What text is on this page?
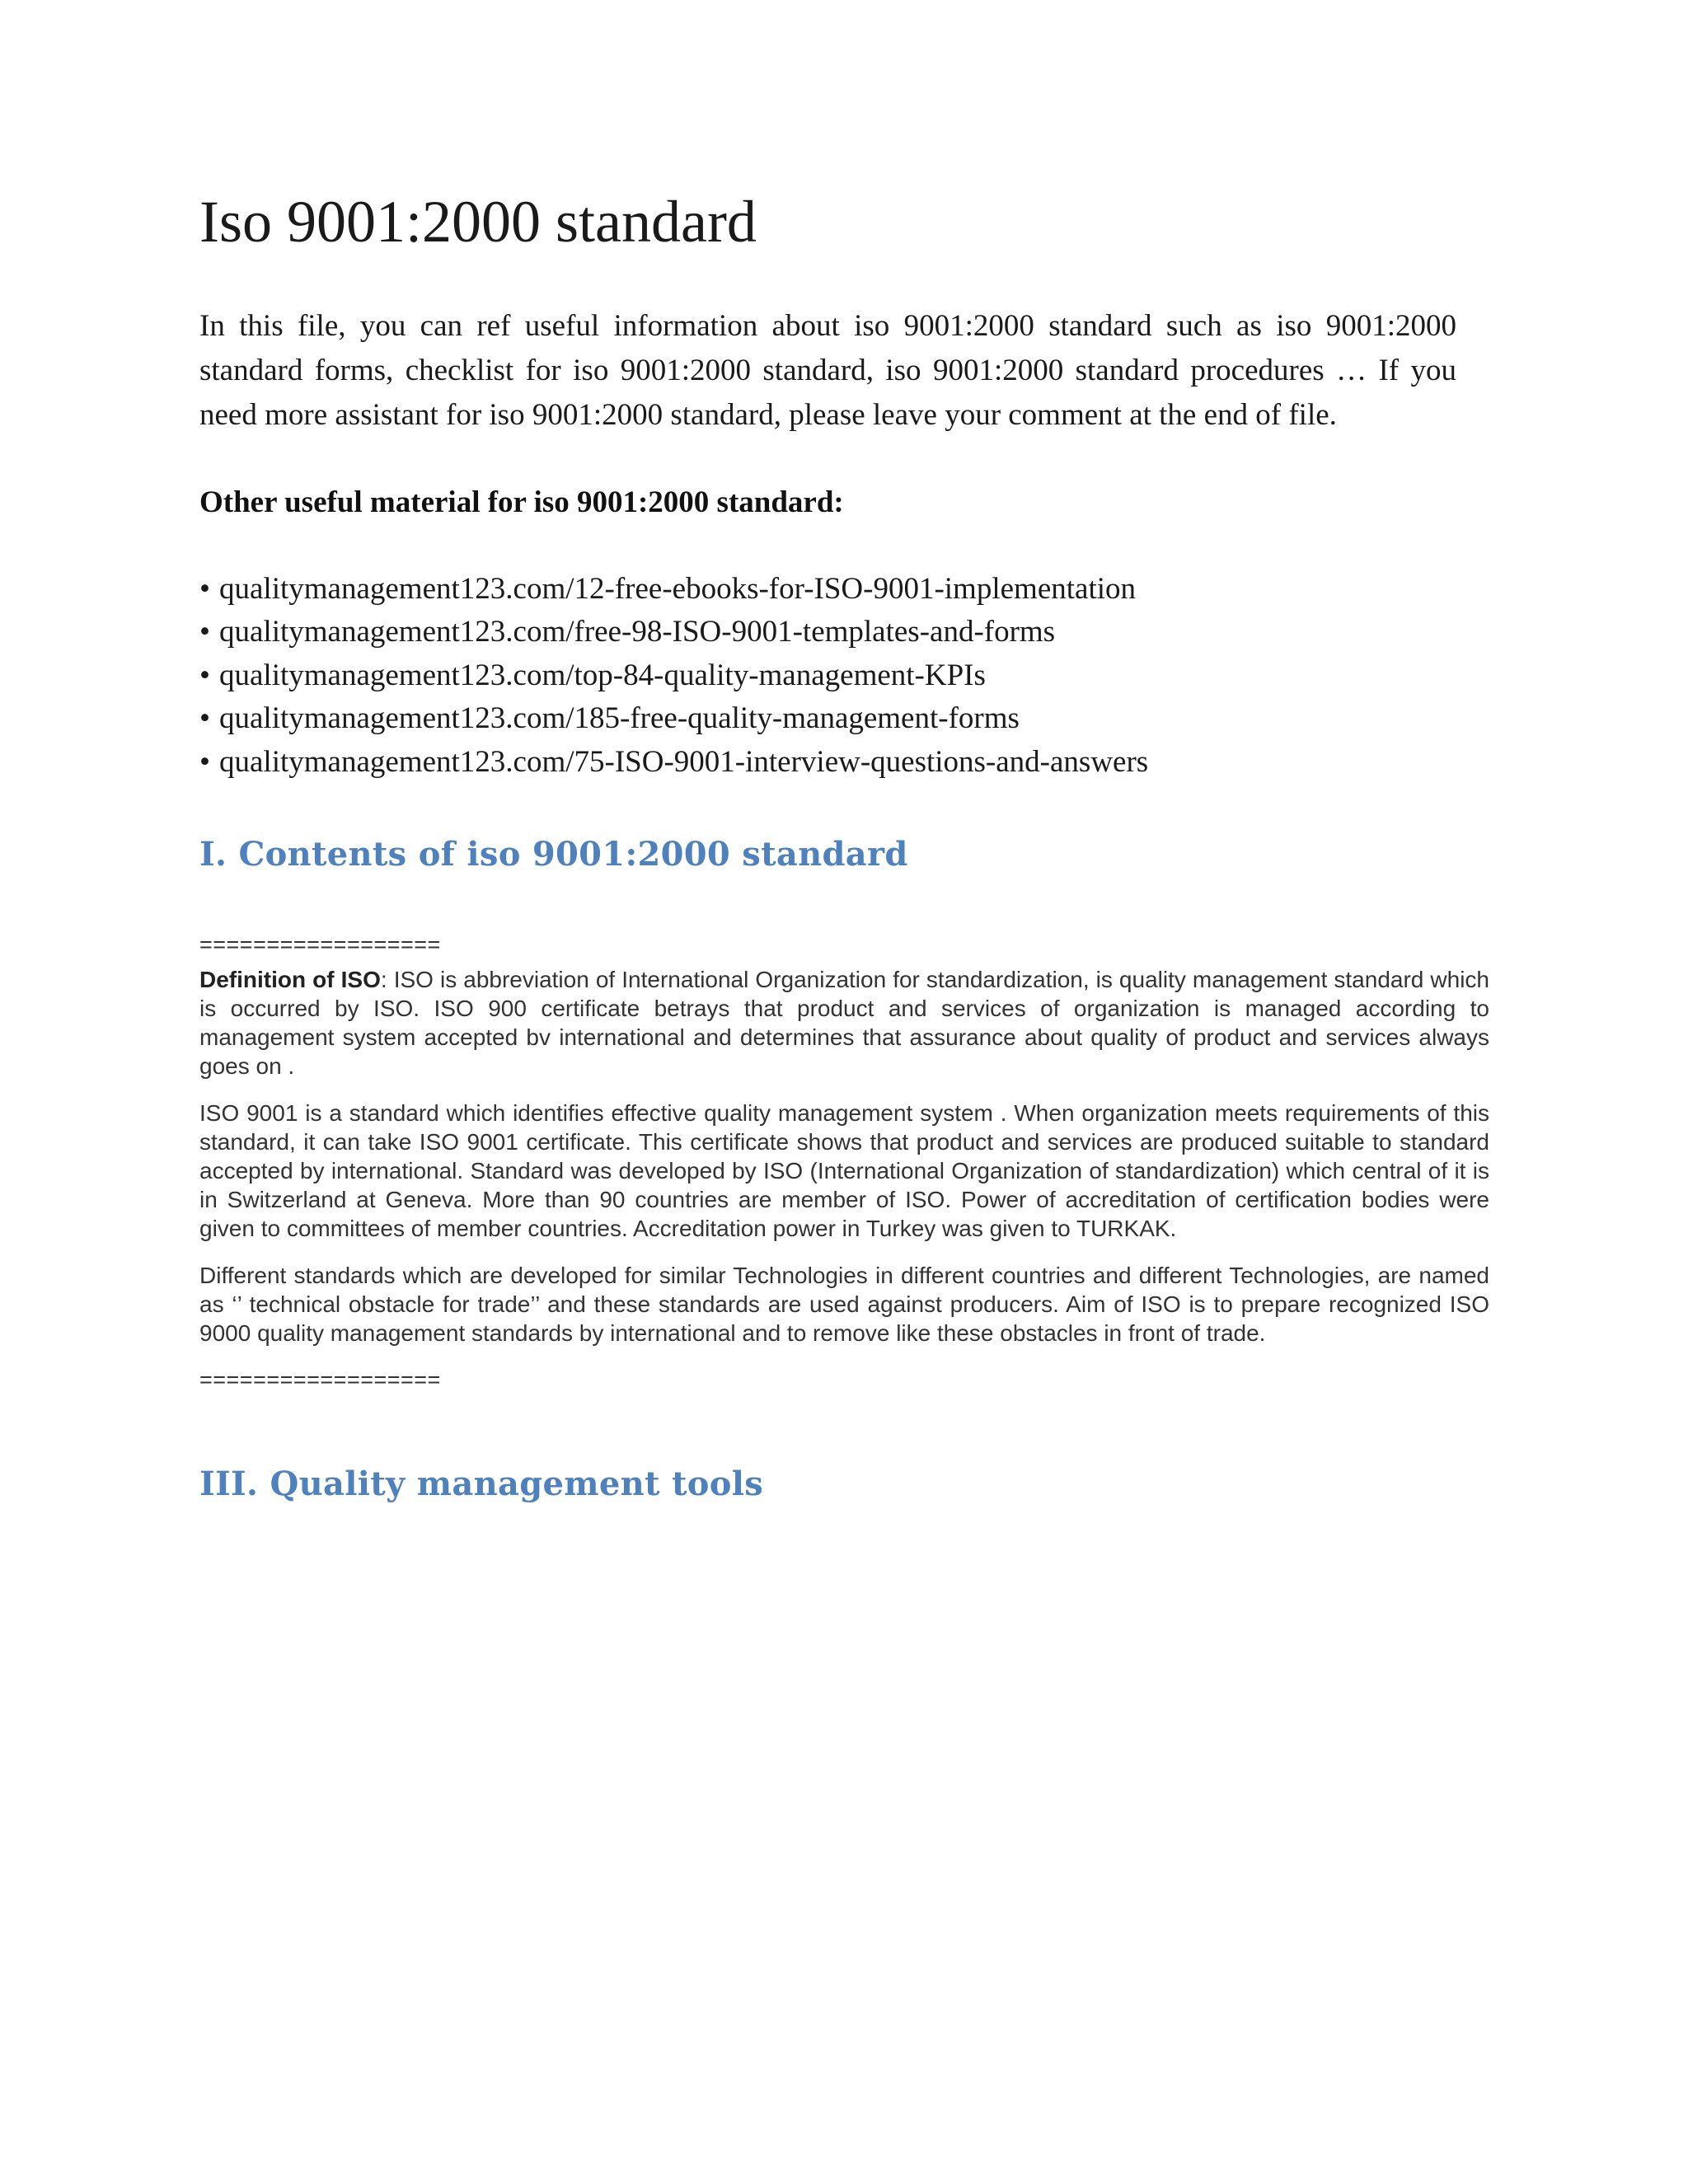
Iso 9001:2000 standard

In this file, you can ref useful information about iso 9001:2000 standard such as iso 9001:2000 standard forms, checklist for iso 9001:2000 standard, iso 9001:2000 standard procedures … If you need more assistant for iso 9001:2000 standard, please leave your comment at the end of file.

Other useful material for iso 9001:2000 standard:

• qualitymanagement123.com/12-free-ebooks-for-ISO-9001-implementation
• qualitymanagement123.com/free-98-ISO-9001-templates-and-forms
• qualitymanagement123.com/top-84-quality-management-KPIs
• qualitymanagement123.com/185-free-quality-management-forms
• qualitymanagement123.com/75-ISO-9001-interview-questions-and-answers
I. Contents of iso 9001:2000 standard
==================

Definition of ISO: ISO is abbreviation of International Organization for standardization, is quality management standard which is occurred by ISO. ISO 900 certificate betrays that product and services of organization is managed according to management system accepted bv international and determines that assurance about quality of product and services always goes on .

ISO 9001 is a standard which identifies effective quality management system . When organization meets requirements of this standard, it can take ISO 9001 certificate. This certificate shows that product and services are produced suitable to standard accepted by international. Standard was developed by ISO (International Organization of standardization) which central of it is in Switzerland at Geneva. More than 90 countries are member of ISO. Power of accreditation of certification bodies were given to committees of member countries. Accreditation power in Turkey was given to TURKAK.

Different standards which are developed for similar Technologies in different countries and different Technologies, are named as ‘’ technical obstacle for trade’’ and these standards are used against producers. Aim of ISO is to prepare recognized ISO 9000 quality management standards by international and to remove like these obstacles in front of trade.

==================
III. Quality management tools
